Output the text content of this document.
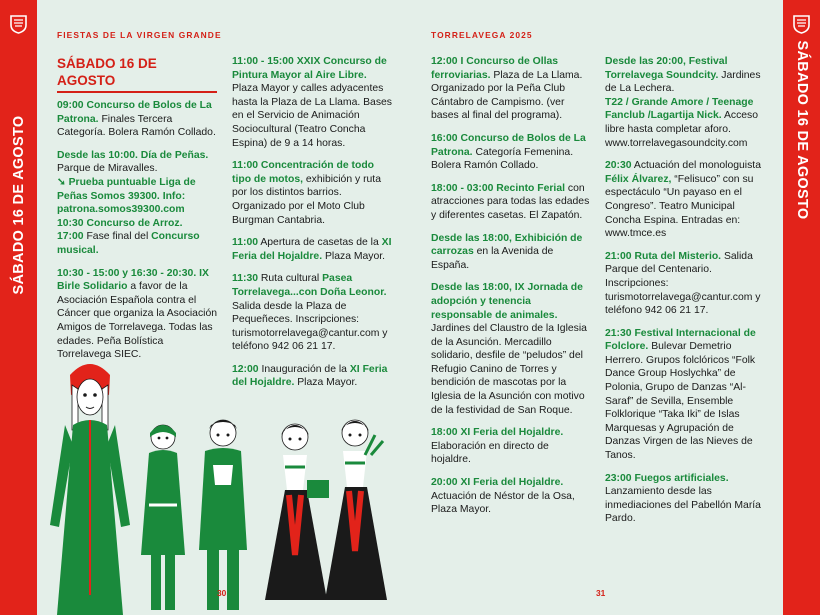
SÁBADO 16 DE AGOSTO	SÁBADO 16 DE AGOSTO
FIESTAS DE LA VIRGEN GRANDE	TORRELAVEGA 2025
SÁBADO 16 DE AGOSTO

09:00 Concurso de Bolos de La Patrona. Finales Tercera Categoría. Bolera Ramón Collado.

Desde las 10:00. Día de Peñas. Parque de Miravalles.
➘ Prueba puntuable Liga de Peñas Somos 39300. Info: patrona.somos39300.com
10:30 Concurso de Arroz.
17:00 Fase final del Concurso musical.

10:30 - 15:00 y 16:30 - 20:30. IX Birle Solidario a favor de la Asociación Española contra el Cáncer que organiza la Asociación Amigos de Torrelavega. Todas las edades. Peña Bolística Torrelavega SIEC.

11:00 - 15:00 XXIX Concurso de Pintura Mayor al Aire Libre. Plaza Mayor y calles adyacentes hasta la Plaza de La Llama. Bases en el Servicio de Animación Sociocultural (Teatro Concha Espina) de 9 a 14 horas.

11:00 Concentración de todo tipo de motos, exhibición y ruta por los distintos barrios. Organizado por el Moto Club Burgman Cantabria.

11:00 Apertura de casetas de la XI Feria del Hojaldre. Plaza Mayor.

11:30 Ruta cultural Pasea Torrelavega...con Doña Leonor. Salida desde la Plaza de Pequeñeces. Inscripciones: turismotorrelavega@cantur.com y teléfono 942 06 21 17.

12:00 Inauguración de la XI Feria del Hojaldre. Plaza Mayor.

12:00 I Concurso de Ollas ferroviarias. Plaza de La Llama. Organizado por la Peña Club Cántabro de Campismo. (ver bases al final del programa).

16:00 Concurso de Bolos de La Patrona. Categoría Femenina. Bolera Ramón Collado.

18:00 - 03:00 Recinto Ferial con atracciones para todas las edades y diferentes casetas. El Zapatón.

Desde las 18:00, Exhibición de carrozas en la Avenida de España.

Desde las 18:00, IX Jornada de adopción y tenencia responsable de animales. Jardines del Claustro de la Iglesia de la Asunción. Mercadillo solidario, desfile de “peludos” del Refugio Canino de Torres y bendición de mascotas por la Iglesia de la Asunción con motivo de la festividad de San Roque.

18:00 XI Feria del Hojaldre. Elaboración en directo de hojaldre.

20:00 XI Feria del Hojaldre. Actuación de Néstor de la Osa, Plaza Mayor.

Desde las 20:00, Festival Torrelavega Soundcity. Jardines de La Lechera.
T22 / Grande Amore / Teenage Fanclub /Lagartija Nick. Acceso libre hasta completar aforo. www.torrelavegasoundcity.com

20:30 Actuación del monologuista Félix Álvarez, “Felisuco” con su espectáculo “Un payaso en el Congreso”. Teatro Municipal Concha Espina. Entradas en: www.tmce.es

21:00 Ruta del Misterio. Salida Parque del Centenario. Inscripciones: turismotorrelavega@cantur.com y teléfono 942 06 21 17.

21:30 Festival Internacional de Folclore. Bulevar Demetrio Herrero. Grupos folclóricos “Folk Dance Group Hoslychka” de Polonia, Grupo de Danzas “Al-Saraf” de Sevilla, Ensemble Folklorique “Taka Iki” de Islas Marquesas y Agrupación de Danzas Virgen de las Nieves de Tanos.

23:00 Fuegos artificiales. Lanzamiento desde las inmediaciones del Pabellón María Pardo.

30	31
